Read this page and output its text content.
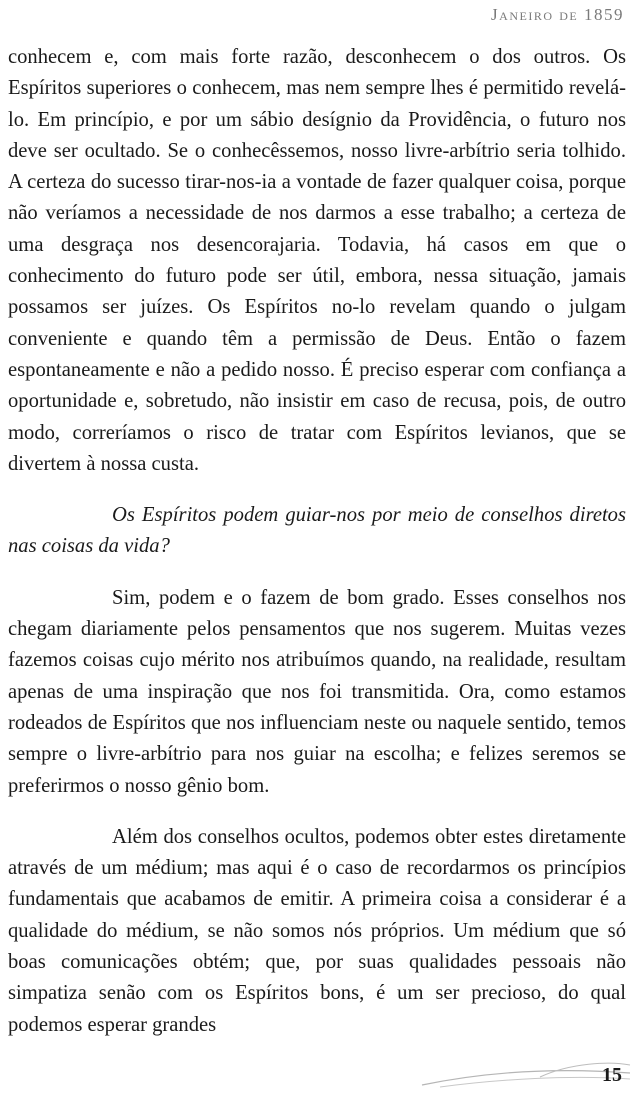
Janeiro de 1859

conhecem e, com mais forte razão, desconhecem o dos outros. Os Espíritos superiores o conhecem, mas nem sempre lhes é permitido revelá-lo. Em princípio, e por um sábio desígnio da Providência, o futuro nos deve ser ocultado. Se o conhecêssemos, nosso livre-arbítrio seria tolhido. A certeza do sucesso tirar-nos-ia a vontade de fazer qualquer coisa, porque não veríamos a necessidade de nos darmos a esse trabalho; a certeza de uma desgraça nos desencorajaria. Todavia, há casos em que o conhecimento do futuro pode ser útil, embora, nessa situação, jamais possamos ser juízes. Os Espíritos no-lo revelam quando o julgam conveniente e quando têm a permissão de Deus. Então o fazem espontaneamente e não a pedido nosso. É preciso esperar com confiança a oportunidade e, sobretudo, não insistir em caso de recusa, pois, de outro modo, correríamos o risco de tratar com Espíritos levianos, que se divertem à nossa custa.

Os Espíritos podem guiar-nos por meio de conselhos diretos nas coisas da vida?

Sim, podem e o fazem de bom grado. Esses conselhos nos chegam diariamente pelos pensamentos que nos sugerem. Muitas vezes fazemos coisas cujo mérito nos atribuímos quando, na realidade, resultam apenas de uma inspiração que nos foi transmitida. Ora, como estamos rodeados de Espíritos que nos influenciam neste ou naquele sentido, temos sempre o livre-arbítrio para nos guiar na escolha; e felizes seremos se preferirmos o nosso gênio bom.

Além dos conselhos ocultos, podemos obter estes diretamente através de um médium; mas aqui é o caso de recordarmos os princípios fundamentais que acabamos de emitir. A primeira coisa a considerar é a qualidade do médium, se não somos nós próprios. Um médium que só boas comunicações obtém; que, por suas qualidades pessoais não simpatiza senão com os Espíritos bons, é um ser precioso, do qual podemos esperar grandes

15
